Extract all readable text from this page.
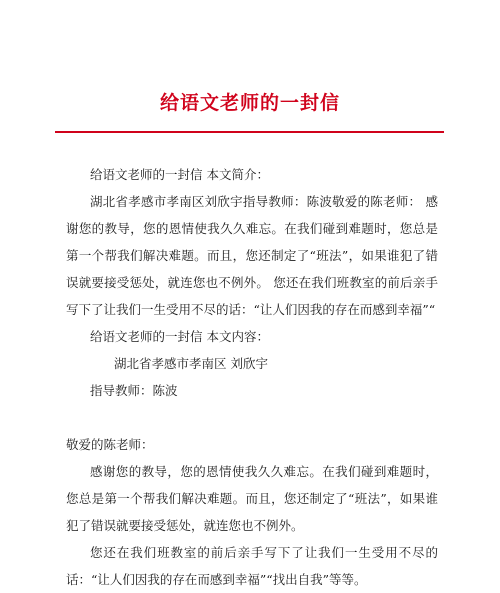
给语文老师的一封信

给语文老师的一封信 本文简介：

湖北省孝感市孝南区刘欣宇指导教师：陈波敬爱的陈老师： 感谢您的教导，您的恩情使我久久难忘。在我们碰到难题时，您总是第一个帮我们解决难题。而且，您还制定了“班法”，如果谁犯了错误就要接受惩处，就连您也不例外。 您还在我们班教室的前后亲手写下了让我们一生受用不尽的话：“让人们因我的存在而感到幸福”“

给语文老师的一封信 本文内容：

湖北省孝感市孝南区 刘欣宇

指导教师：陈波

敬爱的陈老师：

感谢您的教导，您的恩情使我久久难忘。在我们碰到难题时，您总是第一个帮我们解决难题。而且，您还制定了“班法”，如果谁犯了错误就要接受惩处，就连您也不例外。

您还在我们班教室的前后亲手写下了让我们一生受用不尽的话：“让人们因我的存在而感到幸福”“找出自我”等等。
